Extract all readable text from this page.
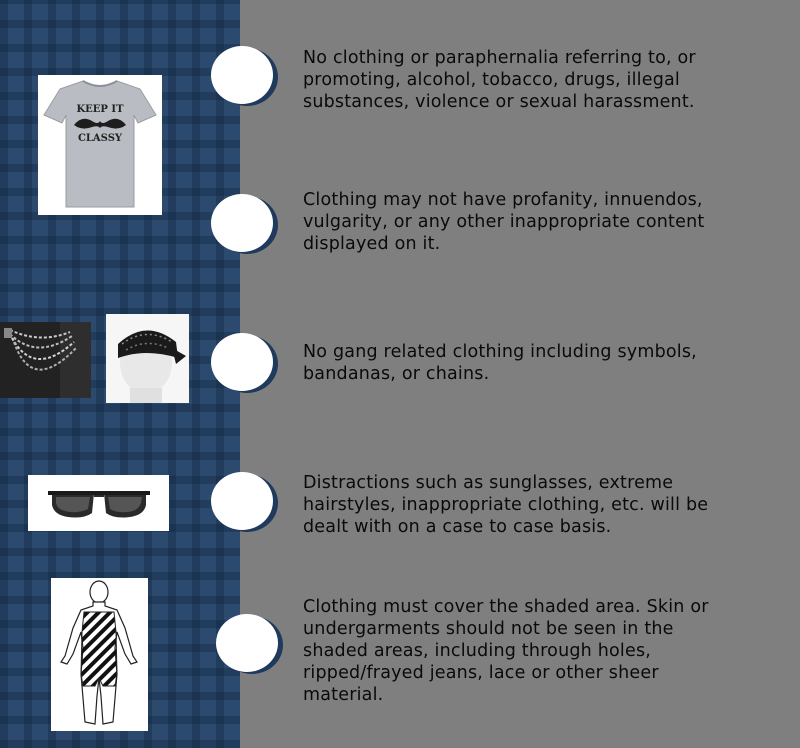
KEEP IT
CLASSY
No clothing or paraphernalia referring to, or promoting, alcohol, tobacco, drugs, illegal substances, violence or sexual harassment.
Clothing may not have profanity, innuendos, vulgarity, or any other inappropriate content displayed on it.
No gang related clothing including symbols, bandanas, or chains.
Distractions such as sunglasses, extreme hairstyles, inappropriate clothing, etc. will be dealt with on a case to case basis.
Clothing must cover the shaded area. Skin or undergarments should not be seen in the shaded areas, including through holes, ripped/frayed jeans, lace or other sheer material.
